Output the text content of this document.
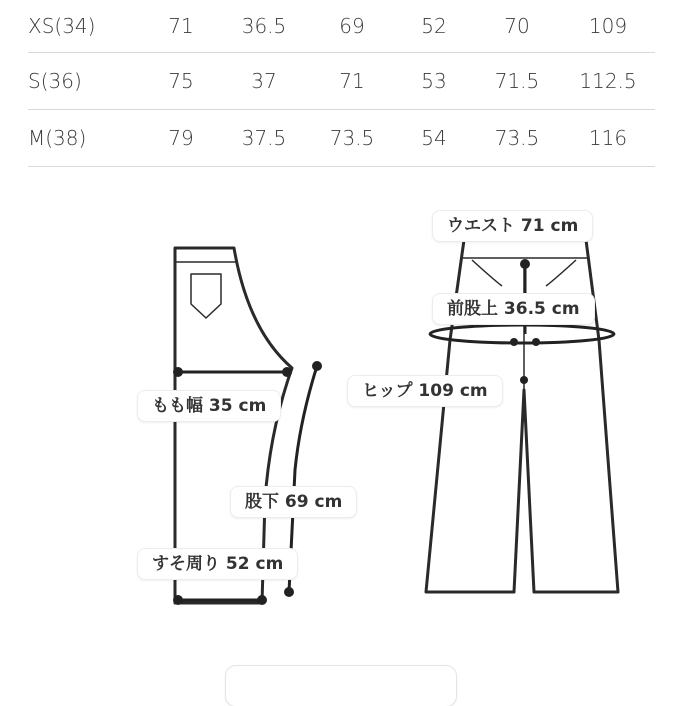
XS(34)	71 36.5	69	52	70	109
S(36)	75	37	71	53 71.5 112.5
M(38)	79 37.5 73.5 54 73.5 116
ウエスト 71 cm
前股上 36.5 cm
ヒップ 109 cm
もも幅 35 cm
股下 69 cm
すそ周り 52 cm
